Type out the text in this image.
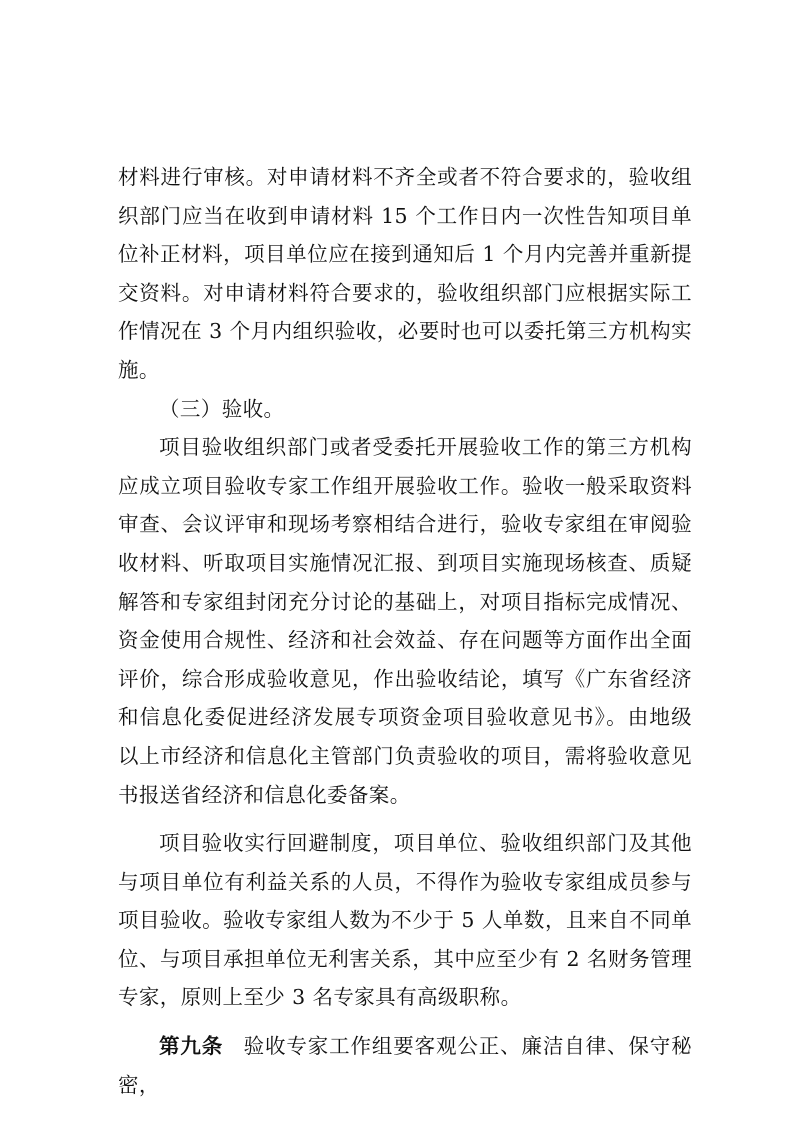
材料进行审核。对申请材料不齐全或者不符合要求的，验收组织部门应当在收到申请材料 15 个工作日内一次性告知项目单位补正材料，项目单位应在接到通知后 1 个月内完善并重新提交资料。对申请材料符合要求的，验收组织部门应根据实际工作情况在 3 个月内组织验收，必要时也可以委托第三方机构实施。

（三）验收。

项目验收组织部门或者受委托开展验收工作的第三方机构应成立项目验收专家工作组开展验收工作。验收一般采取资料审查、会议评审和现场考察相结合进行，验收专家组在审阅验收材料、听取项目实施情况汇报、到项目实施现场核查、质疑解答和专家组封闭充分讨论的基础上，对项目指标完成情况、资金使用合规性、经济和社会效益、存在问题等方面作出全面评价，综合形成验收意见，作出验收结论，填写《广东省经济和信息化委促进经济发展专项资金项目验收意见书》。由地级以上市经济和信息化主管部门负责验收的项目，需将验收意见书报送省经济和信息化委备案。

项目验收实行回避制度，项目单位、验收组织部门及其他与项目单位有利益关系的人员，不得作为验收专家组成员参与项目验收。验收专家组人数为不少于 5 人单数，且来自不同单位、与项目承担单位无利害关系，其中应至少有 2 名财务管理专家，原则上至少 3 名专家具有高级职称。

第九条 验收专家工作组要客观公正、廉洁自律、保守秘密，
